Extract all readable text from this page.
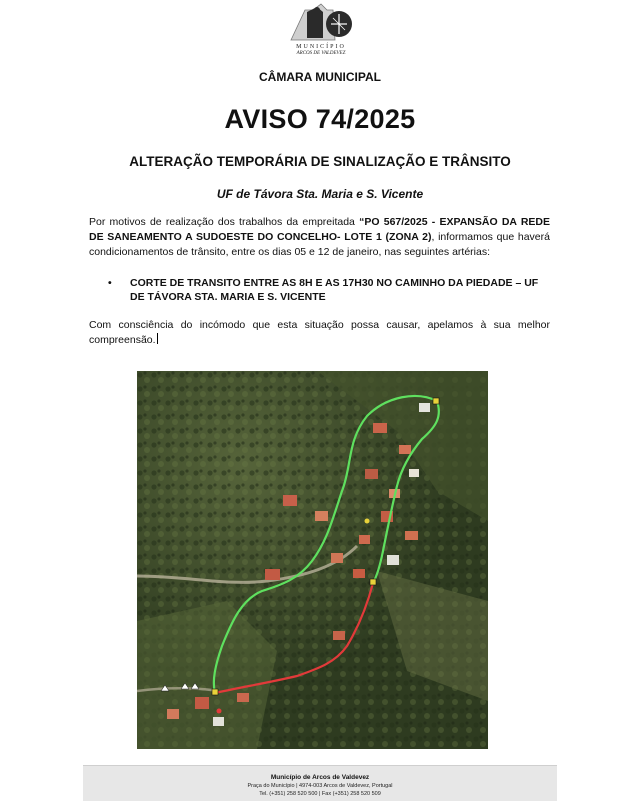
MUNICÍPIO
ARCOS DE VALDEVEZ
CÂMARA MUNICIPAL
AVISO 74/2025
ALTERAÇÃO TEMPORÁRIA DE SINALIZAÇÃO E TRÂNSITO
UF de Távora Sta. Maria e S. Vicente
Por motivos de realização dos trabalhos da empreitada “PO 567/2025 - EXPANSÃO DA REDE DE SANEAMENTO A SUDOESTE DO CONCELHO- LOTE 1 (ZONA 2), informamos que haverá condicionamentos de trânsito, entre os dias 05 e 12 de janeiro, nas seguintes artérias:
• CORTE DE TRANSITO ENTRE AS 8H E AS 17H30 NO CAMINHO DA PIEDADE – UF DE TÁVORA STA. MARIA E S. VICENTE
Com consciência do incómodo que esta situação possa causar, apelamos à sua melhor compreensão.
Município de Arcos de Valdevez
Praça do Município | 4974-003 Arcos de Valdevez, Portugal
Tel. (+351) 258 520 500 | Fax (+351) 258 520 509
